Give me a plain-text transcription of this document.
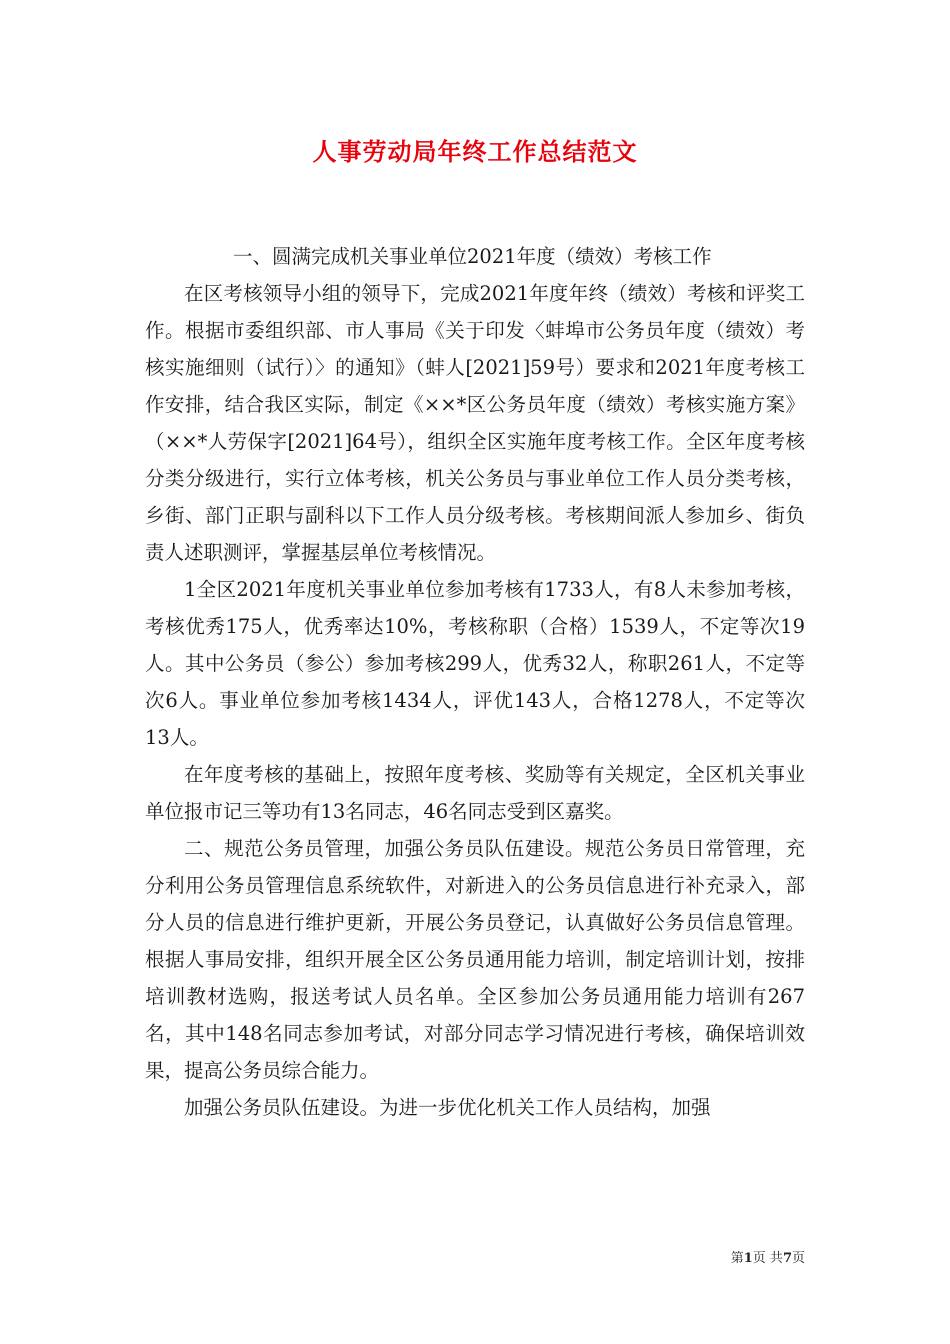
人事劳动局年终工作总结范文

一、圆满完成机关事业单位2021年度（绩效）考核工作

在区考核领导小组的领导下，完成2021年度年终（绩效）考核和评奖工作。根据市委组织部、市人事局《关于印发〈蚌埠市公务员年度（绩效）考核实施细则（试行）〉的通知》（蚌人[2021]59号）要求和2021年度考核工作安排，结合我区实际，制定《××*区公务员年度（绩效）考核实施方案》（××*人劳保字[2021]64号），组织全区实施年度考核工作。全区年度考核分类分级进行，实行立体考核，机关公务员与事业单位工作人员分类考核，乡街、部门正职与副科以下工作人员分级考核。考核期间派人参加乡、街负责人述职测评，掌握基层单位考核情况。

1全区2021年度机关事业单位参加考核有1733人，有8人未参加考核，考核优秀175人，优秀率达10%，考核称职（合格）1539人，不定等次19人。其中公务员（参公）参加考核299人，优秀32人，称职261人，不定等次6人。事业单位参加考核1434人，评优143人，合格1278人，不定等次13人。

在年度考核的基础上，按照年度考核、奖励等有关规定，全区机关事业单位报市记三等功有13名同志，46名同志受到区嘉奖。

二、规范公务员管理，加强公务员队伍建设。规范公务员日常管理，充分利用公务员管理信息系统软件，对新进入的公务员信息进行补充录入，部分人员的信息进行维护更新，开展公务员登记，认真做好公务员信息管理。根据人事局安排，组织开展全区公务员通用能力培训，制定培训计划，按排培训教材选购，报送考试人员名单。全区参加公务员通用能力培训有267名，其中148名同志参加考试，对部分同志学习情况进行考核，确保培训效果，提高公务员综合能力。

加强公务员队伍建设。为进一步优化机关工作人员结构，加强

第1页 共7页
